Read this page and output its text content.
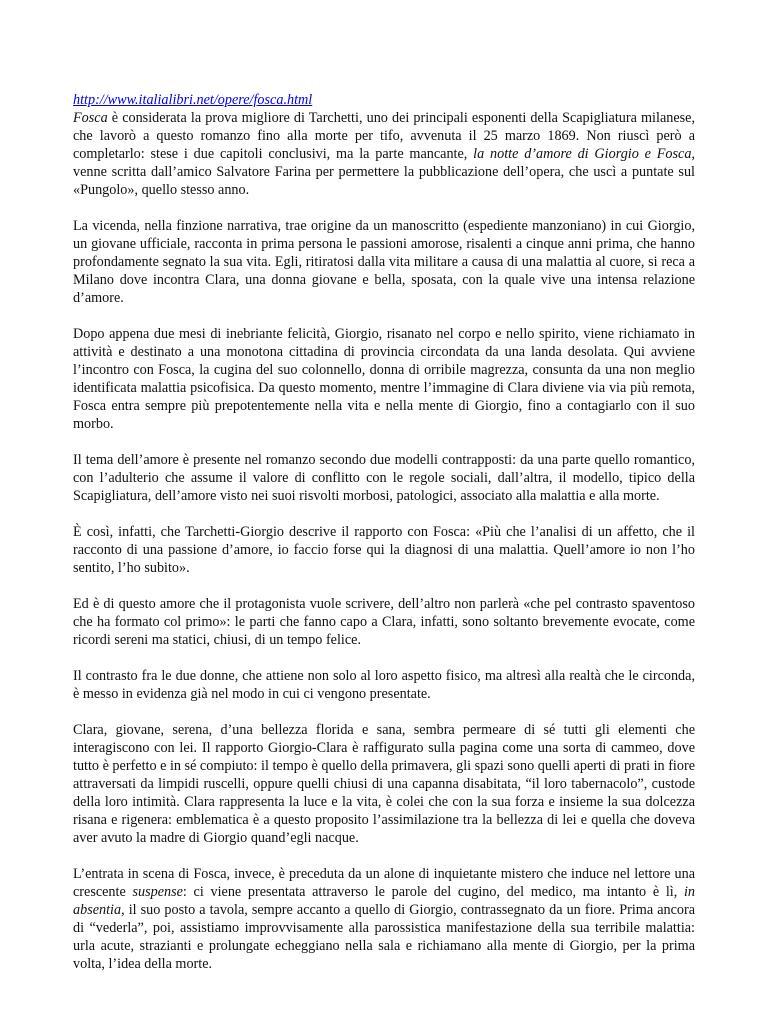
http://www.italialibri.net/opere/fosca.html
Fosca è considerata la prova migliore di Tarchetti, uno dei principali esponenti della Scapigliatura milanese, che lavorò a questo romanzo fino alla morte per tifo, avvenuta il 25 marzo 1869. Non riuscì però a completarlo: stese i due capitoli conclusivi, ma la parte mancante, la notte d’amore di Giorgio e Fosca, venne scritta dall’amico Salvatore Farina per permettere la pubblicazione dell’opera, che uscì a puntate sul «Pungolo», quello stesso anno.

La vicenda, nella finzione narrativa, trae origine da un manoscritto (espediente manzoniano) in cui Giorgio, un giovane ufficiale, racconta in prima persona le passioni amorose, risalenti a cinque anni prima, che hanno profondamente segnato la sua vita. Egli, ritiratosi dalla vita militare a causa di una malattia al cuore, si reca a Milano dove incontra Clara, una donna giovane e bella, sposata, con la quale vive una intensa relazione d’amore.

Dopo appena due mesi di inebriante felicità, Giorgio, risanato nel corpo e nello spirito, viene richiamato in attività e destinato a una monotona cittadina di provincia circondata da una landa desolata. Qui avviene l’incontro con Fosca, la cugina del suo colonnello, donna di orribile magrezza, consunta da una non meglio identificata malattia psicofisica. Da questo momento, mentre l’immagine di Clara diviene via via più remota, Fosca entra sempre più prepotentemente nella vita e nella mente di Giorgio, fino a contagiarlo con il suo morbo.

Il tema dell’amore è presente nel romanzo secondo due modelli contrapposti: da una parte quello romantico, con l’adulterio che assume il valore di conflitto con le regole sociali, dall’altra, il modello, tipico della Scapigliatura, dell’amore visto nei suoi risvolti morbosi, patologici, associato alla malattia e alla morte.

È così, infatti, che Tarchetti-Giorgio descrive il rapporto con Fosca: «Più che l’analisi di un affetto, che il racconto di una passione d’amore, io faccio forse qui la diagnosi di una malattia. Quell’amore io non l’ho sentito, l’ho subito».

Ed è di questo amore che il protagonista vuole scrivere, dell’altro non parlerà «che pel contrasto spaventoso che ha formato col primo»: le parti che fanno capo a Clara, infatti, sono soltanto brevemente evocate, come ricordi sereni ma statici, chiusi, di un tempo felice.

Il contrasto fra le due donne, che attiene non solo al loro aspetto fisico, ma altresì alla realtà che le circonda, è messo in evidenza già nel modo in cui ci vengono presentate.

Clara, giovane, serena, d’una bellezza florida e sana, sembra permeare di sé tutti gli elementi che interagiscono con lei. Il rapporto Giorgio-Clara è raffigurato sulla pagina come una sorta di cammeo, dove tutto è perfetto e in sé compiuto: il tempo è quello della primavera, gli spazi sono quelli aperti di prati in fiore attraversati da limpidi ruscelli, oppure quelli chiusi di una capanna disabitata, “il loro tabernacolo”, custode della loro intimità. Clara rappresenta la luce e la vita, è colei che con la sua forza e insieme la sua dolcezza risana e rigenera: emblematica è a questo proposito l’assimilazione tra la bellezza di lei e quella che doveva aver avuto la madre di Giorgio quand’egli nacque.

L’entrata in scena di Fosca, invece, è preceduta da un alone di inquietante mistero che induce nel lettore una crescente suspense: ci viene presentata attraverso le parole del cugino, del medico, ma intanto è lì, in absentia, il suo posto a tavola, sempre accanto a quello di Giorgio, contrassegnato da un fiore. Prima ancora di “vederla”, poi, assistiamo improvvisamente alla parossistica manifestazione della sua terribile malattia: urla acute, strazianti e prolungate echeggiano nella sala e richiamano alla mente di Giorgio, per la prima volta, l’idea della morte.
